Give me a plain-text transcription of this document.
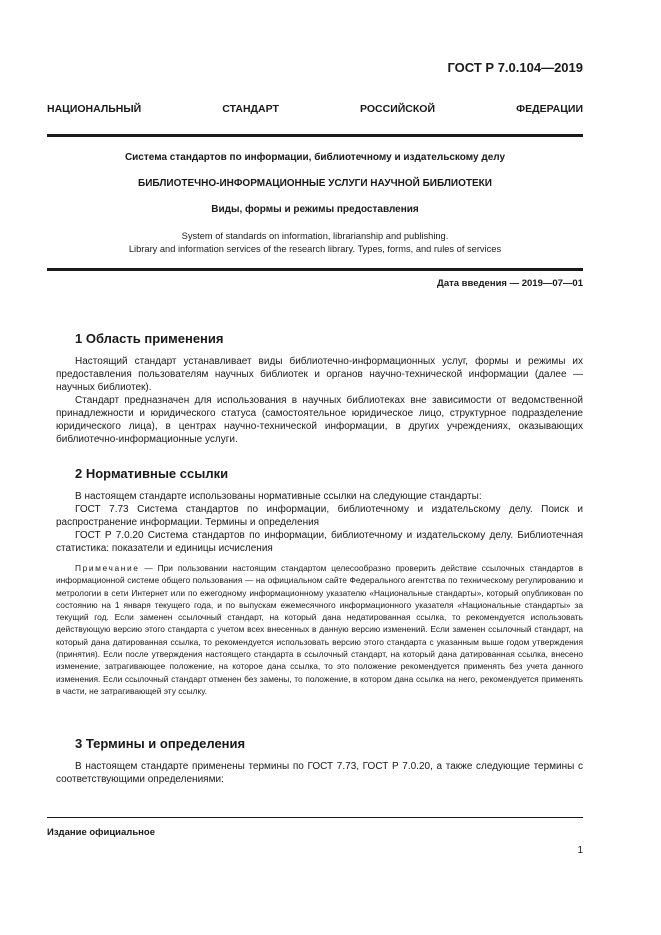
ГОСТ Р 7.0.104—2019
НАЦИОНАЛЬНЫЙ СТАНДАРТ РОССИЙСКОЙ ФЕДЕРАЦИИ
Система стандартов по информации, библиотечному и издательскому делу
БИБЛИОТЕЧНО-ИНФОРМАЦИОННЫЕ УСЛУГИ НАУЧНОЙ БИБЛИОТЕКИ
Виды, формы и режимы предоставления
System of standards on information, librarianship and publishing.
Library and information services of the research library. Types, forms, and rules of services
Дата введения — 2019—07—01
1 Область применения

Настоящий стандарт устанавливает виды библиотечно-информационных услуг, формы и режимы их предоставления пользователям научных библиотек и органов научно-технической информации (далее — научных библиотек).

Стандарт предназначен для использования в научных библиотеках вне зависимости от ведомственной принадлежности и юридического статуса (самостоятельное юридическое лицо, структурное подразделение юридического лица), в центрах научно-технической информации, в других учреждениях, оказывающих библиотечно-информационные услуги.

2 Нормативные ссылки

В настоящем стандарте использованы нормативные ссылки на следующие стандарты:

ГОСТ 7.73 Система стандартов по информации, библиотечному и издательскому делу. Поиск и распространение информации. Термины и определения

ГОСТ Р 7.0.20 Система стандартов по информации, библиотечному и издательскому делу. Библиотечная статистика: показатели и единицы исчисления

Примечание — При пользовании настоящим стандартом целесообразно проверить действие ссылочных стандартов в информационной системе общего пользования — на официальном сайте Федерального агентства по техническому регулированию и метрологии в сети Интернет или по ежегодному информационному указателю «Национальные стандарты», который опубликован по состоянию на 1 января текущего года, и по выпускам ежемесячного информационного указателя «Национальные стандарты» за текущий год. Если заменен ссылочный стандарт, на который дана недатированная ссылка, то рекомендуется использовать действующую версию этого стандарта с учетом всех внесенных в данную версию изменений. Если заменен ссылочный стандарт, на который дана датированная ссылка, то рекомендуется использовать версию этого стандарта с указанным выше годом утверждения (принятия). Если после утверждения настоящего стандарта в ссылочный стандарт, на который дана датированная ссылка, внесено изменение, затрагивающее положение, на которое дана ссылка, то это положение рекомендуется применять без учета данного изменения. Если ссылочный стандарт отменен без замены, то положение, в котором дана ссылка на него, рекомендуется применять в части, не затрагивающей эту ссылку.

3 Термины и определения

В настоящем стандарте применены термины по ГОСТ 7.73, ГОСТ Р 7.0.20, а также следующие термины с соответствующими определениями:

Издание официальное
1
